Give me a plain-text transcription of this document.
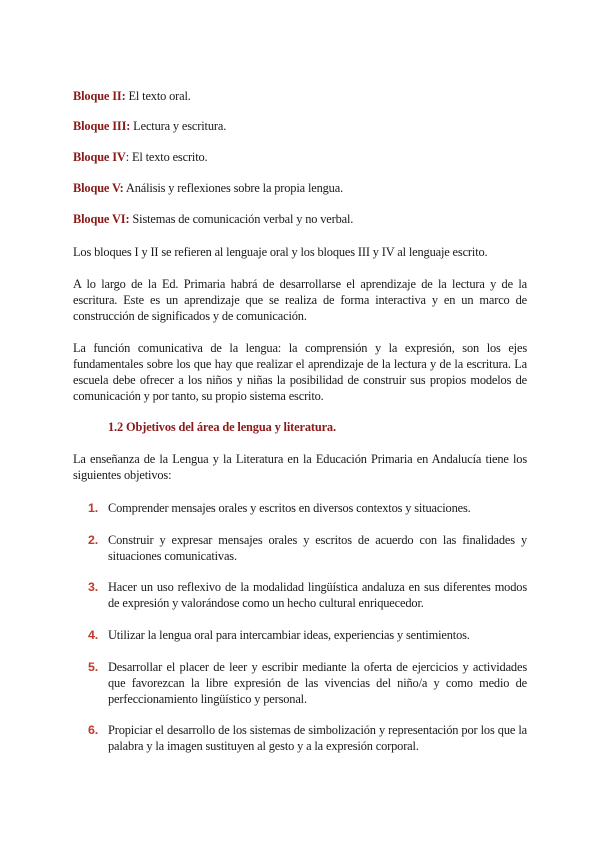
Bloque II: El texto oral.
Bloque III: Lectura y escritura.
Bloque IV: El texto escrito.
Bloque V: Análisis y reflexiones sobre la propia lengua.
Bloque VI: Sistemas de comunicación verbal y no verbal.
Los bloques I y II se refieren al lenguaje oral y los bloques III y IV al lenguaje escrito.
A lo largo de la Ed. Primaria habrá de desarrollarse el aprendizaje de la lectura y de la escritura. Este es un aprendizaje que se realiza de forma interactiva y en un marco de construcción de significados y de comunicación.
La función comunicativa de la lengua: la comprensión y la expresión, son los ejes fundamentales sobre los que hay que realizar el aprendizaje de la lectura y de la escritura. La escuela debe ofrecer a los niños y niñas la posibilidad de construir sus propios modelos de comunicación y por tanto, su propio sistema escrito.
1.2 Objetivos del área de lengua y literatura.
La enseñanza de la Lengua y la Literatura en la Educación Primaria en Andalucía tiene los siguientes objetivos:
1. Comprender mensajes orales y escritos en diversos contextos y situaciones.
2. Construir y expresar mensajes orales y escritos de acuerdo con las finalidades y situaciones comunicativas.
3. Hacer un uso reflexivo de la modalidad lingüística andaluza en sus diferentes modos de expresión y valorándose como un hecho cultural enriquecedor.
4. Utilizar la lengua oral para intercambiar ideas, experiencias y sentimientos.
5. Desarrollar el placer de leer y escribir mediante la oferta de ejercicios y actividades que favorezcan la libre expresión de las vivencias del niño/a y como medio de perfeccionamiento lingüístico y personal.
6. Propiciar el desarrollo de los sistemas de simbolización y representación por los que la palabra y la imagen sustituyen al gesto y a la expresión corporal.
